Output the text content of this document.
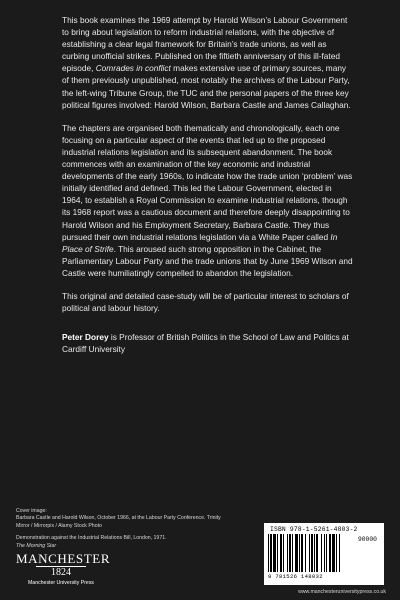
This book examines the 1969 attempt by Harold Wilson’s Labour Government to bring about legislation to reform industrial relations, with the objective of establishing a clear legal framework for Britain’s trade unions, as well as curbing unofficial strikes. Published on the fiftieth anniversary of this ill-fated episode, Comrades in conflict makes extensive use of primary sources, many of them previously unpublished, most notably the archives of the Labour Party, the left-wing Tribune Group, the TUC and the personal papers of the three key political figures involved: Harold Wilson, Barbara Castle and James Callaghan.

The chapters are organised both thematically and chronologically, each one focusing on a particular aspect of the events that led up to the proposed industrial relations legislation and its subsequent abandonment. The book commences with an examination of the key economic and industrial developments of the early 1960s, to indicate how the trade union ‘problem’ was initially identified and defined. This led the Labour Government, elected in 1964, to establish a Royal Commission to examine industrial relations, though its 1968 report was a cautious document and therefore deeply disappointing to Harold Wilson and his Employment Secretary, Barbara Castle. They thus pursued their own industrial relations legislation via a White Paper called In Place of Strife. This aroused such strong opposition in the Cabinet, the Parliamentary Labour Party and the trade unions that by June 1969 Wilson and Castle were humiliatingly compelled to abandon the legislation.

This original and detailed case-study will be of particular interest to scholars of political and labour history.

Peter Dorey is Professor of British Politics in the School of Law and Politics at Cardiff University

Cover image:
Barbara Castle and Harold Wilson, October 1966, at the Labour Party Conference. Trinity Mirror / Mirrorpix / Alamy Stock Photo

Demonstration against the Industrial Relations Bill, London, 1971.
The Morning Star

MANCHESTER
1824
Manchester University Press
ISBN 978-1-5261-4803-2
90000
9 781526 148032
www.manchesteruniversitypress.co.uk
